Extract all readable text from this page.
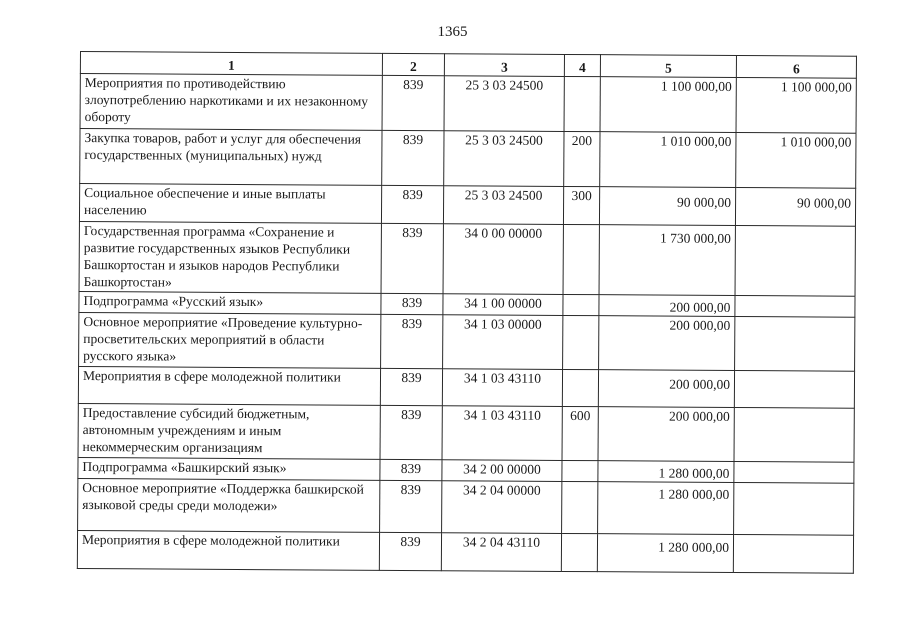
1365
1	2	3	4	5	6
Мероприятия по противодействию злоупотреблению наркотиками и их незаконному обороту	839	25 3 03 24500		1 100 000,00	1 100 000,00
Закупка товаров, работ и услуг для обеспечения государственных (муниципальных) нужд	839	25 3 03 24500	200	1 010 000,00	1 010 000,00
Социальное обеспечение и иные выплаты населению	839	25 3 03 24500	300	90 000,00	90 000,00
Государственная программа «Сохранение и развитие государственных языков Республики Башкортостан и языков народов Республики Башкортостан»	839	34 0 00 00000		1 730 000,00	
Подпрограмма «Русский язык»	839	34 1 00 00000		200 000,00	
Основное мероприятие «Проведение культурно-просветительских мероприятий в области русского языка»	839	34 1 03 00000		200 000,00	
Мероприятия в сфере молодежной политики	839	34 1 03 43110		200 000,00	
Предоставление субсидий бюджетным, автономным учреждениям и иным некоммерческим организациям	839	34 1 03 43110	600	200 000,00	
Подпрограмма «Башкирский язык»	839	34 2 00 00000		1 280 000,00	
Основное мероприятие «Поддержка башкирской языковой среды среди молодежи»	839	34 2 04 00000		1 280 000,00	
Мероприятия в сфере молодежной политики	839	34 2 04 43110		1 280 000,00	
